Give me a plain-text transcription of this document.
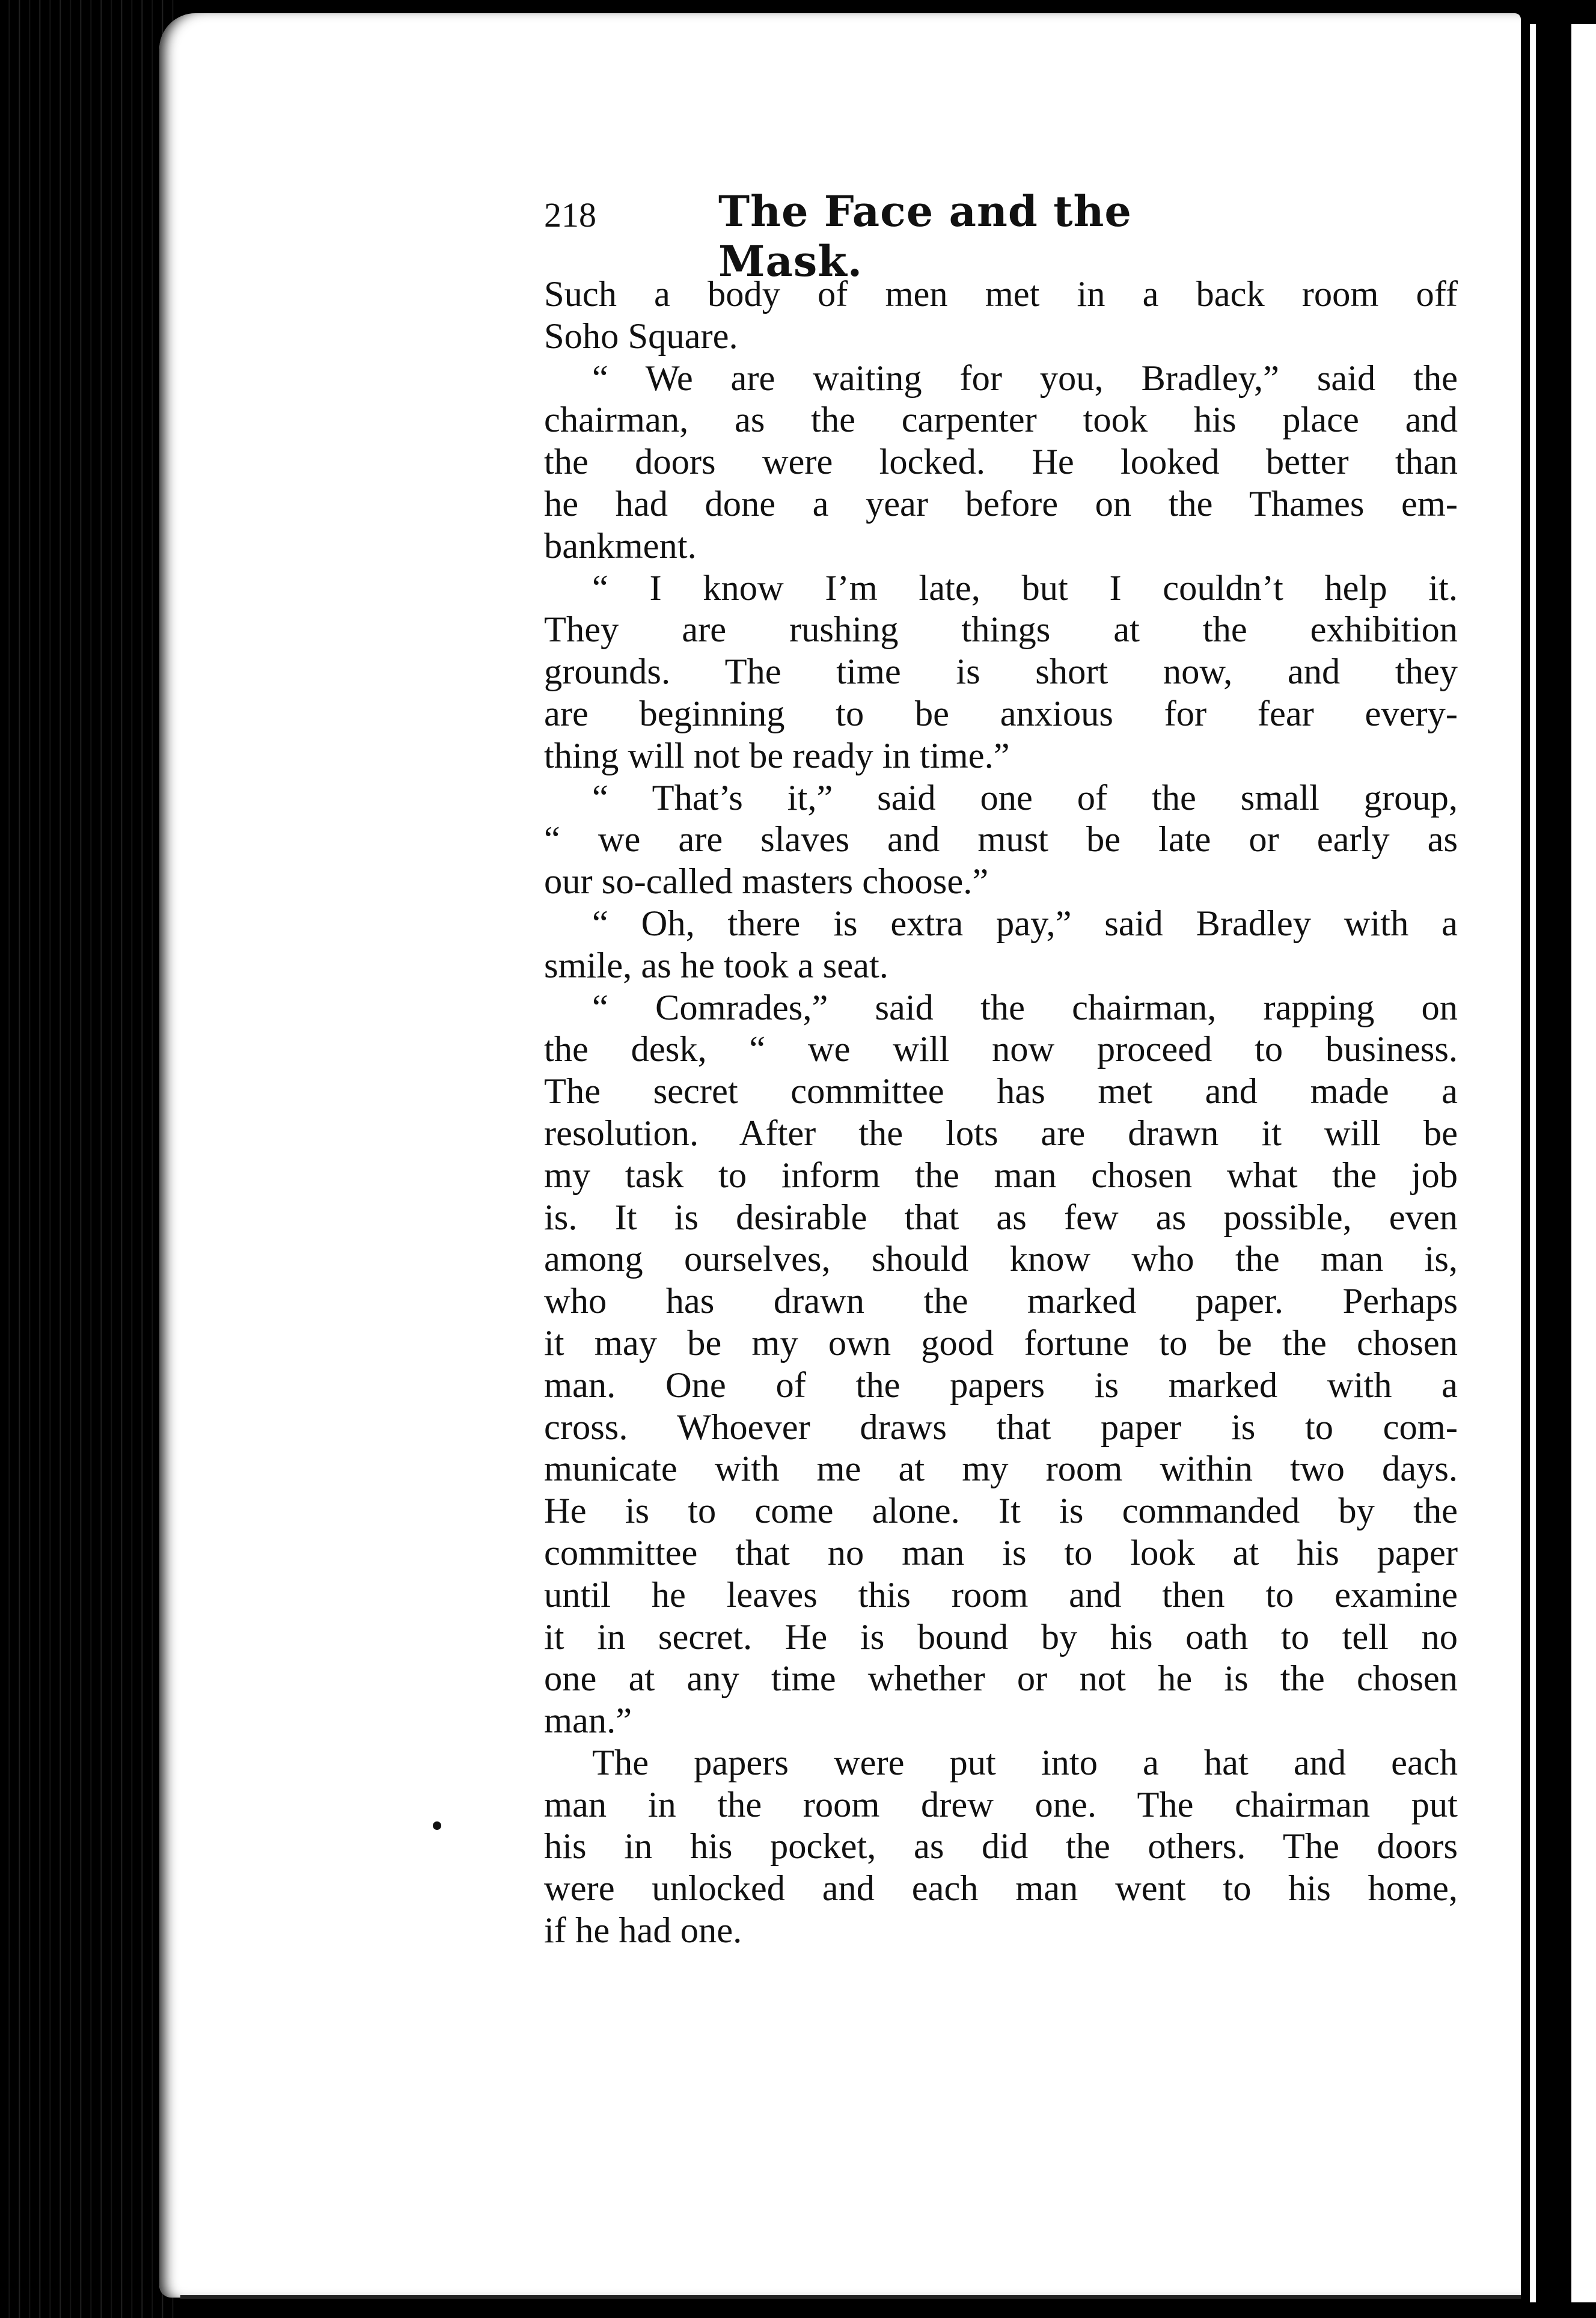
218	The Face and the Mask.
Such a body of men met in a back room off
Soho Square.
“ We are waiting for you, Bradley,” said the
chairman, as the carpenter took his place and
the doors were locked. He looked better than
he had done a year before on the Thames em-
bankment.
“ I know I’m late, but I couldn’t help it.
They are rushing things at the exhibition
grounds. The time is short now, and they
are beginning to be anxious for fear every-
thing will not be ready in time.”
“ That’s it,” said one of the small group,
“ we are slaves and must be late or early as
our so-called masters choose.”
“ Oh, there is extra pay,” said Bradley with a
smile, as he took a seat.
“ Comrades,” said the chairman, rapping on
the desk, “ we will now proceed to business.
The secret committee has met and made a
resolution. After the lots are drawn it will be
my task to inform the man chosen what the job
is. It is desirable that as few as possible, even
among ourselves, should know who the man is,
who has drawn the marked paper. Perhaps
it may be my own good fortune to be the chosen
man. One of the papers is marked with a
cross. Whoever draws that paper is to com-
municate with me at my room within two days.
He is to come alone. It is commanded by the
committee that no man is to look at his paper
until he leaves this room and then to examine
it in secret. He is bound by his oath to tell no
one at any time whether or not he is the chosen
man.”
The papers were put into a hat and each
man in the room drew one. The chairman put
his in his pocket, as did the others. The doors
were unlocked and each man went to his home,
if he had one.
